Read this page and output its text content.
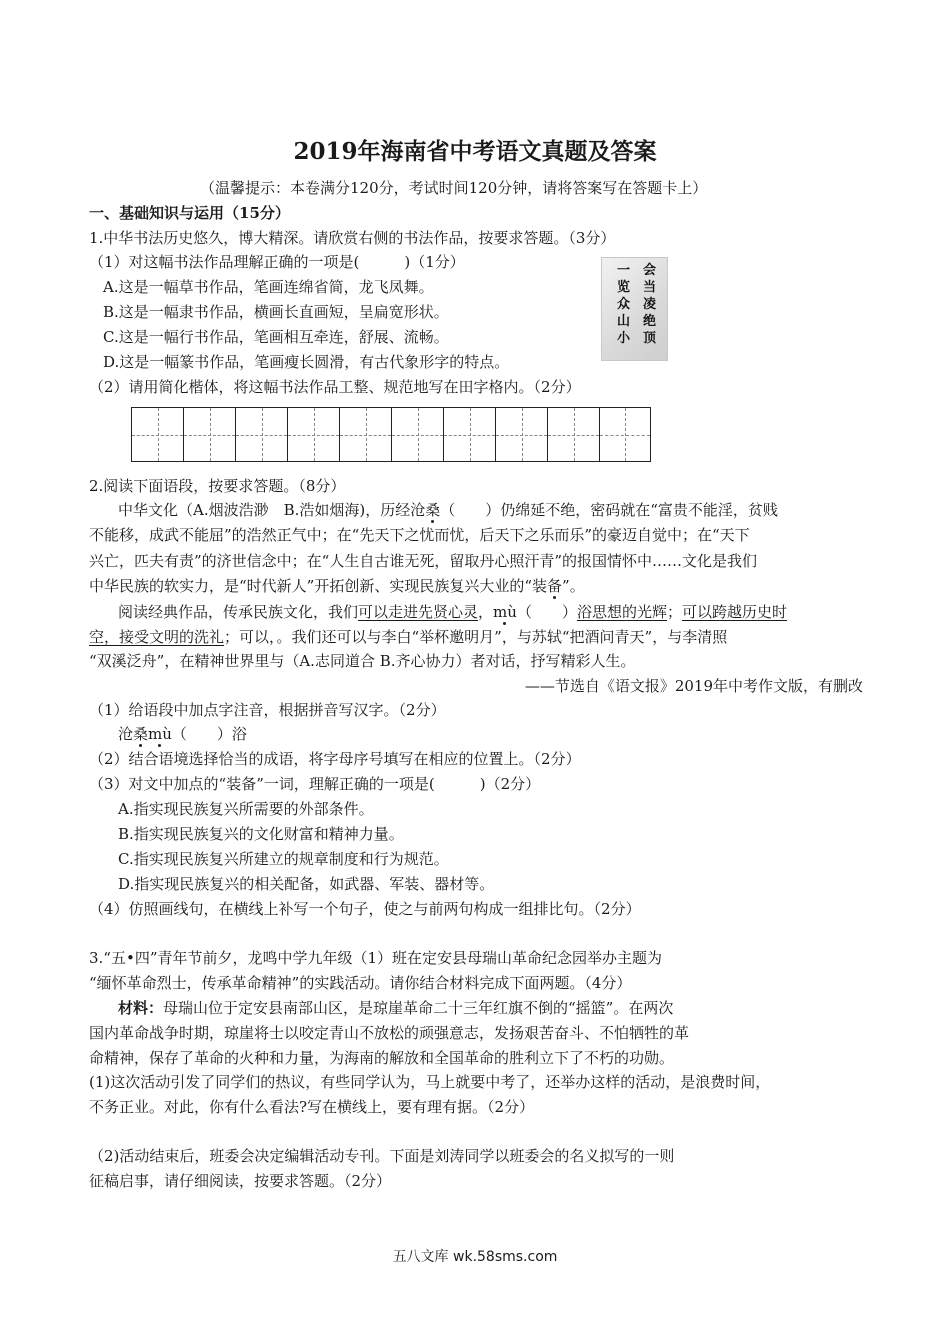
2019年海南省中考语文真题及答案
（温馨提示：本卷满分120分，考试时间120分钟，请将答案写在答题卡上）
一、基础知识与运用（15分）
1.中华书法历史悠久，博大精深。请欣赏右侧的书法作品，按要求答题。（3分）
（1）对这幅书法作品理解正确的一项是(　　　)（1分）
A.这是一幅草书作品，笔画连绵省简，龙飞凤舞。
B.这是一幅隶书作品，横画长直画短，呈扁宽形状。
C.这是一幅行书作品，笔画相互牵连，舒展、流畅。
D.这是一幅篆书作品，笔画瘦长圆滑，有古代象形字的特点。
（2）请用简化楷体，将这幅书法作品工整、规范地写在田字格内。（2分）
会当凌绝顶
一览众山小
2.阅读下面语段，按要求答题。（8分）
中华文化（A.烟波浩渺　B.浩如烟海)，历经沧桑（　　）仍绵延不绝，密码就在“富贵不能淫，贫贱
不能移，成武不能屈”的浩然正气中；在“先天下之忧而忧，后天下之乐而乐”的豪迈自觉中；在“天下
兴亡，匹夫有责”的济世信念中；在“人生自古谁无死，留取丹心照汗青”的报国情怀中……文化是我们
中华民族的软实力，是“时代新人”开拓创新、实现民族复兴大业的“装备”。
阅读经典作品，传承民族文化，我们可以走进先贤心灵，mù（　　）浴思想的光辉；可以跨越历史时
空，接受文明的洗礼；可以，。我们还可以与李白“举杯邀明月”，与苏轼“把酒问青天”，与李清照
“双溪泛舟”，在精神世界里与（A.志同道合 B.齐心协力）者对话，抒写精彩人生。
——节选自《语文报》2019年中考作文版，有删改
（1）给语段中加点字注音，根据拼音写汉字。（2分）
沧桑mù（　　）浴
（2）结合语境选择恰当的成语，将字母序号填写在相应的位置上。（2分）
（3）对文中加点的“装备”一词，理解正确的一项是(　　　)（2分）
A.指实现民族复兴所需要的外部条件。
B.指实现民族复兴的文化财富和精神力量。
C.指实现民族复兴所建立的规章制度和行为规范。
D.指实现民族复兴的相关配备，如武器、军装、器材等。
（4）仿照画线句，在横线上补写一个句子，使之与前两句构成一组排比句。（2分）
3.“五•四”青年节前夕，龙鸣中学九年级（1）班在定安县母瑞山革命纪念园举办主题为
“缅怀革命烈士，传承革命精神”的实践活动。请你结合材料完成下面两题。（4分）
材料：母瑞山位于定安县南部山区，是琼崖革命二十三年红旗不倒的“摇篮”。在两次
国内革命战争时期，琼崖将士以咬定青山不放松的顽强意志，发扬艰苦奋斗、不怕牺牲的革
命精神，保存了革命的火种和力量，为海南的解放和全国革命的胜利立下了不朽的功勋。
(1)这次活动引发了同学们的热议，有些同学认为，马上就要中考了，还举办这样的活动，是浪费时间，
不务正业。对此，你有什么看法?写在横线上，要有理有据。（2分）
（2)活动结束后，班委会决定编辑活动专刊。下面是刘涛同学以班委会的名义拟写的一则
征稿启事，请仔细阅读，按要求答题。（2分）
五八文库 wk.58sms.com
